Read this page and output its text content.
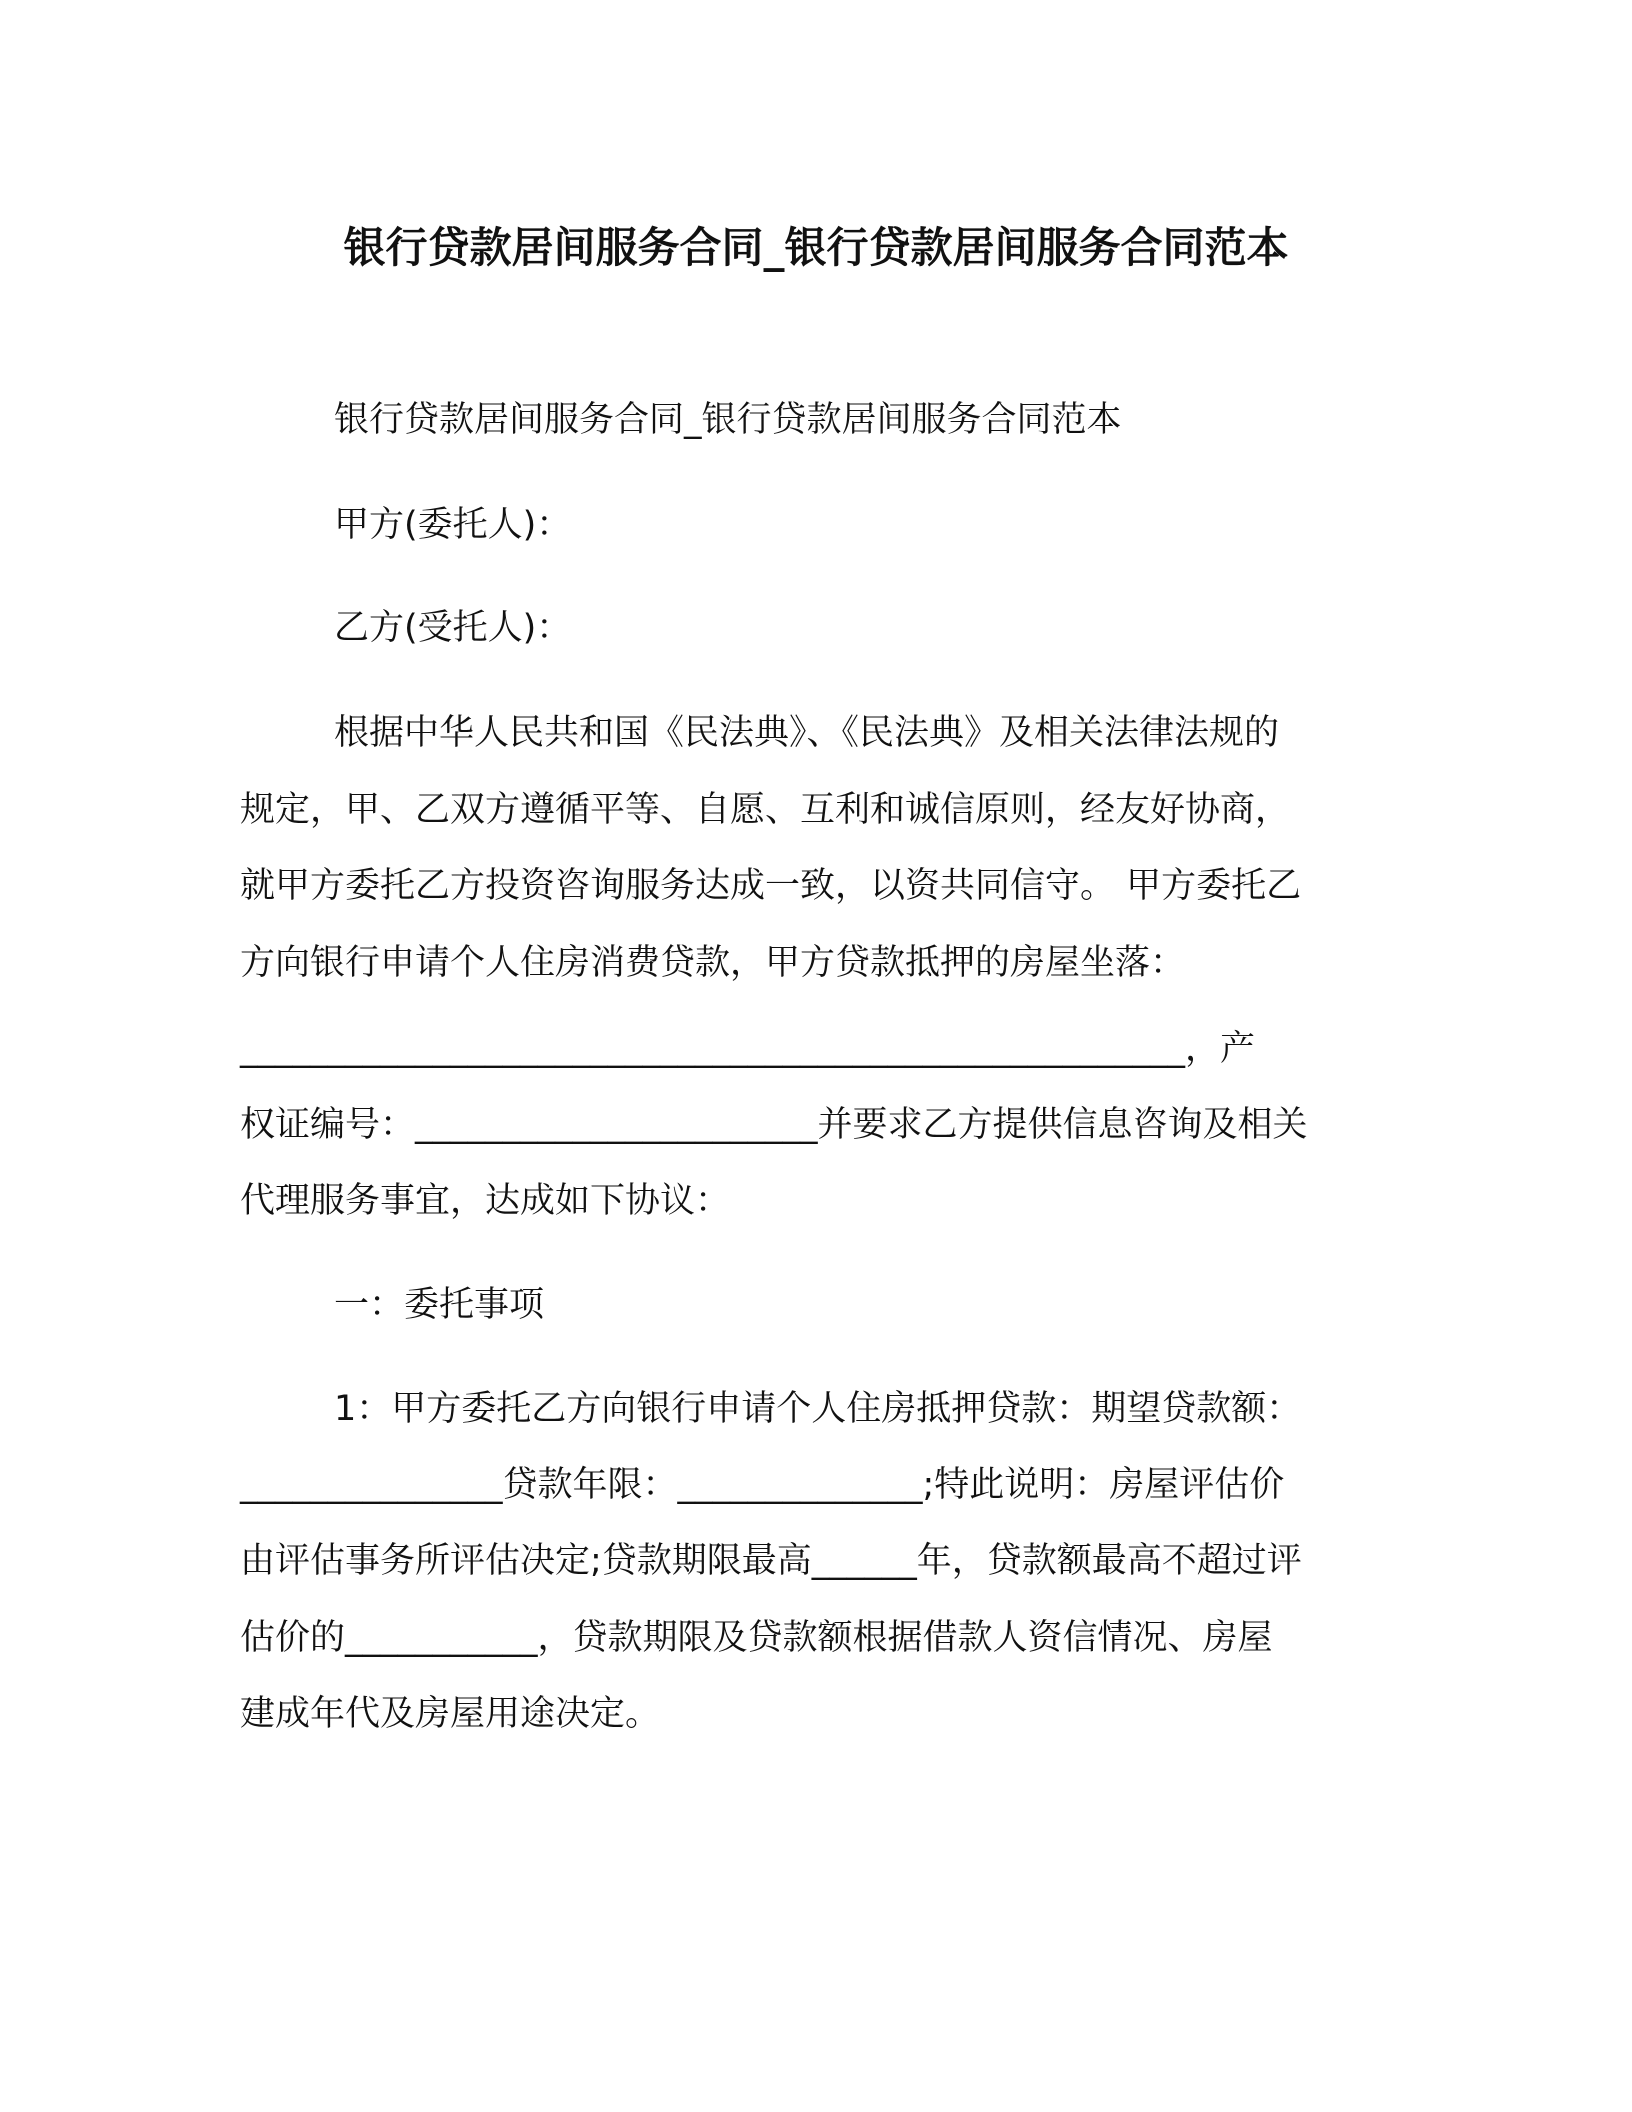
银行贷款居间服务合同_银行贷款居间服务合同范本
银行贷款居间服务合同_银行贷款居间服务合同范本
甲方(委托人)：
乙方(受托人)：
根据中华人民共和国《民法典》、《民法典》及相关法律法规的
规定，甲、乙双方遵循平等、自愿、互利和诚信原则，经友好协商，
就甲方委托乙方投资咨询服务达成一致，以资共同信守。 甲方委托乙
方向银行申请个人住房消费贷款，甲方贷款抵押的房屋坐落：
______________________________________________________，产
权证编号：_______________________并要求乙方提供信息咨询及相关
代理服务事宜，达成如下协议：
一：委托事项
1：甲方委托乙方向银行申请个人住房抵押贷款：期望贷款额：
_______________贷款年限：______________;特此说明：房屋评估价
由评估事务所评估决定;贷款期限最高______年，贷款额最高不超过评
估价的___________，贷款期限及贷款额根据借款人资信情况、房屋
建成年代及房屋用途决定。
